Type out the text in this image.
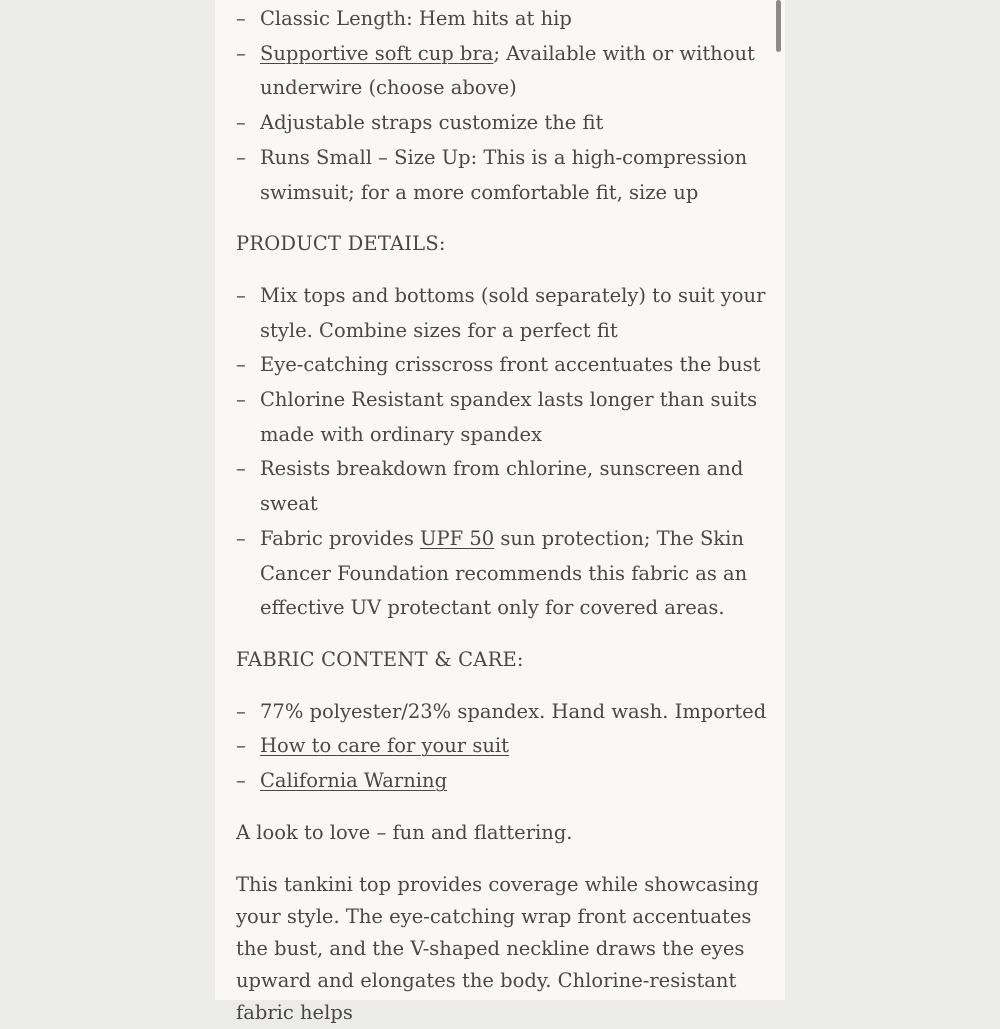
– Classic Length: Hem hits at hip
– Supportive soft cup bra; Available with or without underwire (choose above)
– Adjustable straps customize the fit
– Runs Small – Size Up: This is a high-compression swimsuit; for a more comfortable fit, size up
PRODUCT DETAILS:
– Mix tops and bottoms (sold separately) to suit your style. Combine sizes for a perfect fit
– Eye-catching crisscross front accentuates the bust
– Chlorine Resistant spandex lasts longer than suits made with ordinary spandex
– Resists breakdown from chlorine, sunscreen and sweat
– Fabric provides UPF 50 sun protection; The Skin Cancer Foundation recommends this fabric as an effective UV protectant only for covered areas.
FABRIC CONTENT & CARE:
– 77% polyester/23% spandex. Hand wash. Imported
– How to care for your suit
– California Warning

A look to love – fun and flattering.

This tankini top provides coverage while showcasing your style. The eye-catching wrap front accentuates the bust, and the V-shaped neckline draws the eyes upward and elongates the body. Chlorine-resistant fabric helps
